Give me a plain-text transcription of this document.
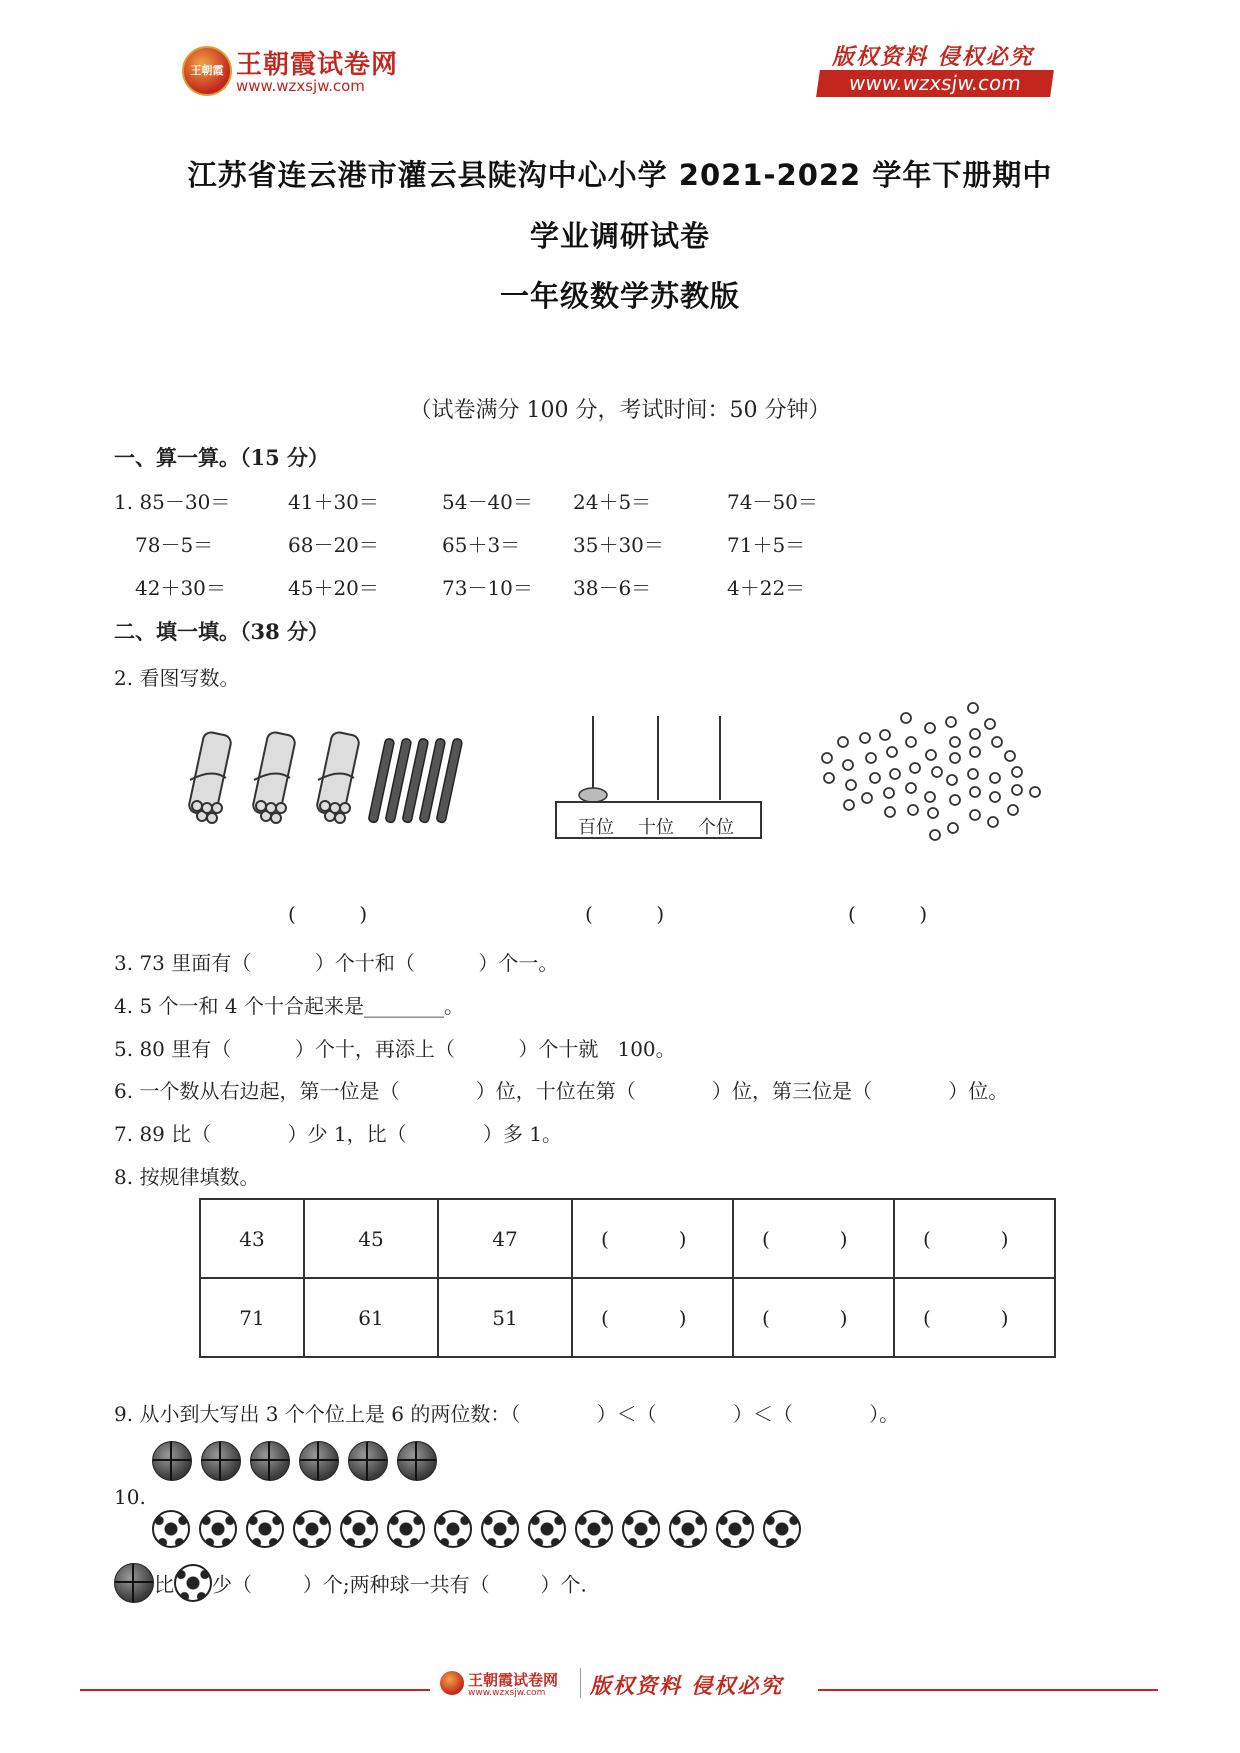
王朝霞 王朝霞试卷网
www.wzxsjw.com
版权资料 侵权必究
www.wzxsjw.com
江苏省连云港市灌云县陡沟中心小学 2021-2022 学年下册期中
学业调研试卷
一年级数学苏教版
（试卷满分 100 分，考试时间：50 分钟）
一、算一算。（15 分）
1. 85－30＝	41＋30＝	54－40＝ 24＋5＝	74－50＝
78－5＝	68－20＝	65＋3＝	35＋30＝	71＋5＝
42＋30＝	45＋20＝	73－10＝ 38－6＝	4＋22＝
二、填一填。（38 分）
2. 看图写数。
百位 十位 个位
(          )	(          )	(          )
3. 73 里面有（          ）个十和（          ）个一。
4. 5 个一和 4 个十合起来是________。
5. 80 里有（          ）个十，再添上（          ）个十就   100。
6. 一个数从右边起，第一位是（            ）位，十位在第（            ）位，第三位是（            ）位。
7. 89 比（            ）少 1，比（            ）多 1。
8. 按规律填数。
43	45	47	(           )	(           )	(           )
71	61	51	(           )	(           )	(           )
9. 从小到大写出 3 个个位上是 6 的两位数：（            ）＜（            ）＜（            ）。
10.
比 少（        ）个;两种球一共有（        ）个.
王朝霞试卷网
www.wzxsjw.com 版权资料 侵权必究
